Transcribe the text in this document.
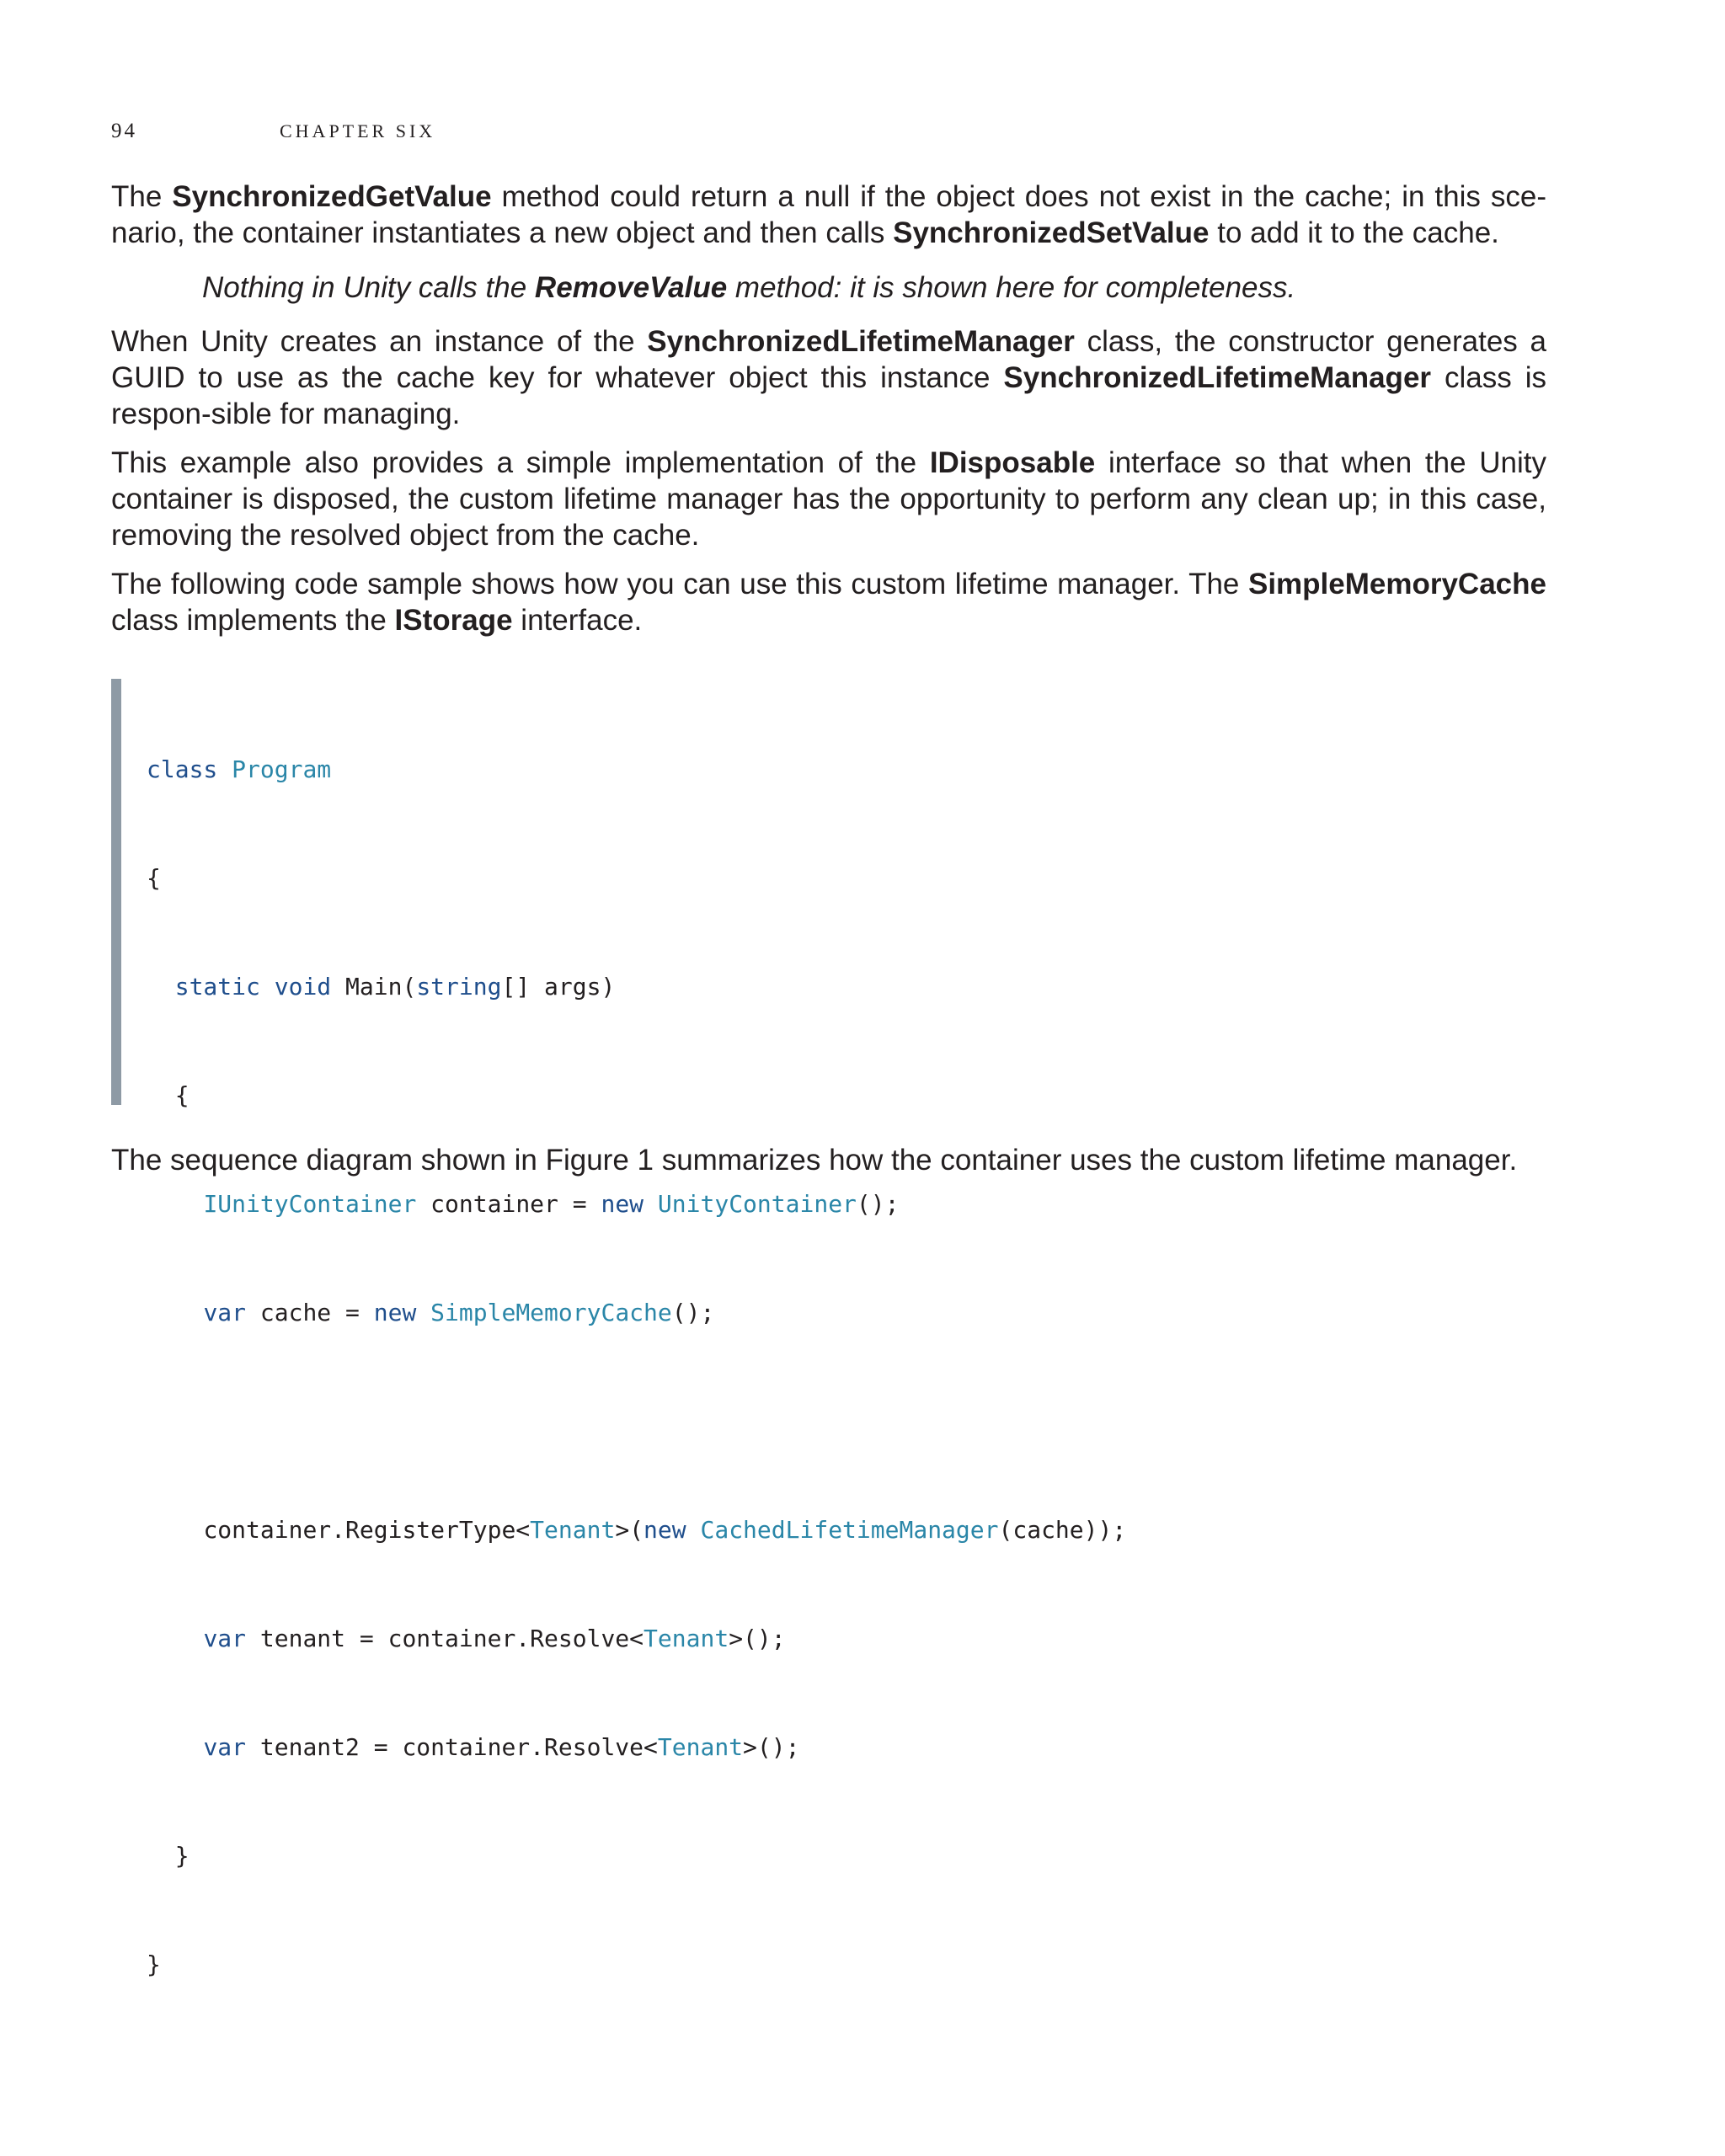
94	CHAPTER SIX

The SynchronizedGetValue method could return a null if the object does not exist in the cache; in this sce-nario, the container instantiates a new object and then calls SynchronizedSetValue to add it to the cache.

Nothing in Unity calls the RemoveValue method: it is shown here for completeness.

When Unity creates an instance of the SynchronizedLifetimeManager class, the constructor generates a GUID to use as the cache key for whatever object this instance SynchronizedLifetimeManager class is respon-sible for managing.

This example also provides a simple implementation of the IDisposable interface so that when the Unity container is disposed, the custom lifetime manager has the opportunity to perform any clean up; in this case, removing the resolved object from the cache.

The following code sample shows how you can use this custom lifetime manager. The SimpleMemoryCache class implements the IStorage interface.

class Program

{

static void Main(string[] args)

{

IUnityContainer container = new UnityContainer();

var cache = new SimpleMemoryCache();

container.RegisterType<Tenant>(new CachedLifetimeManager(cache));

var tenant = container.Resolve<Tenant>();

var tenant2 = container.Resolve<Tenant>();

}

}

The sequence diagram shown in Figure 1 summarizes how the container uses the custom lifetime manager.
